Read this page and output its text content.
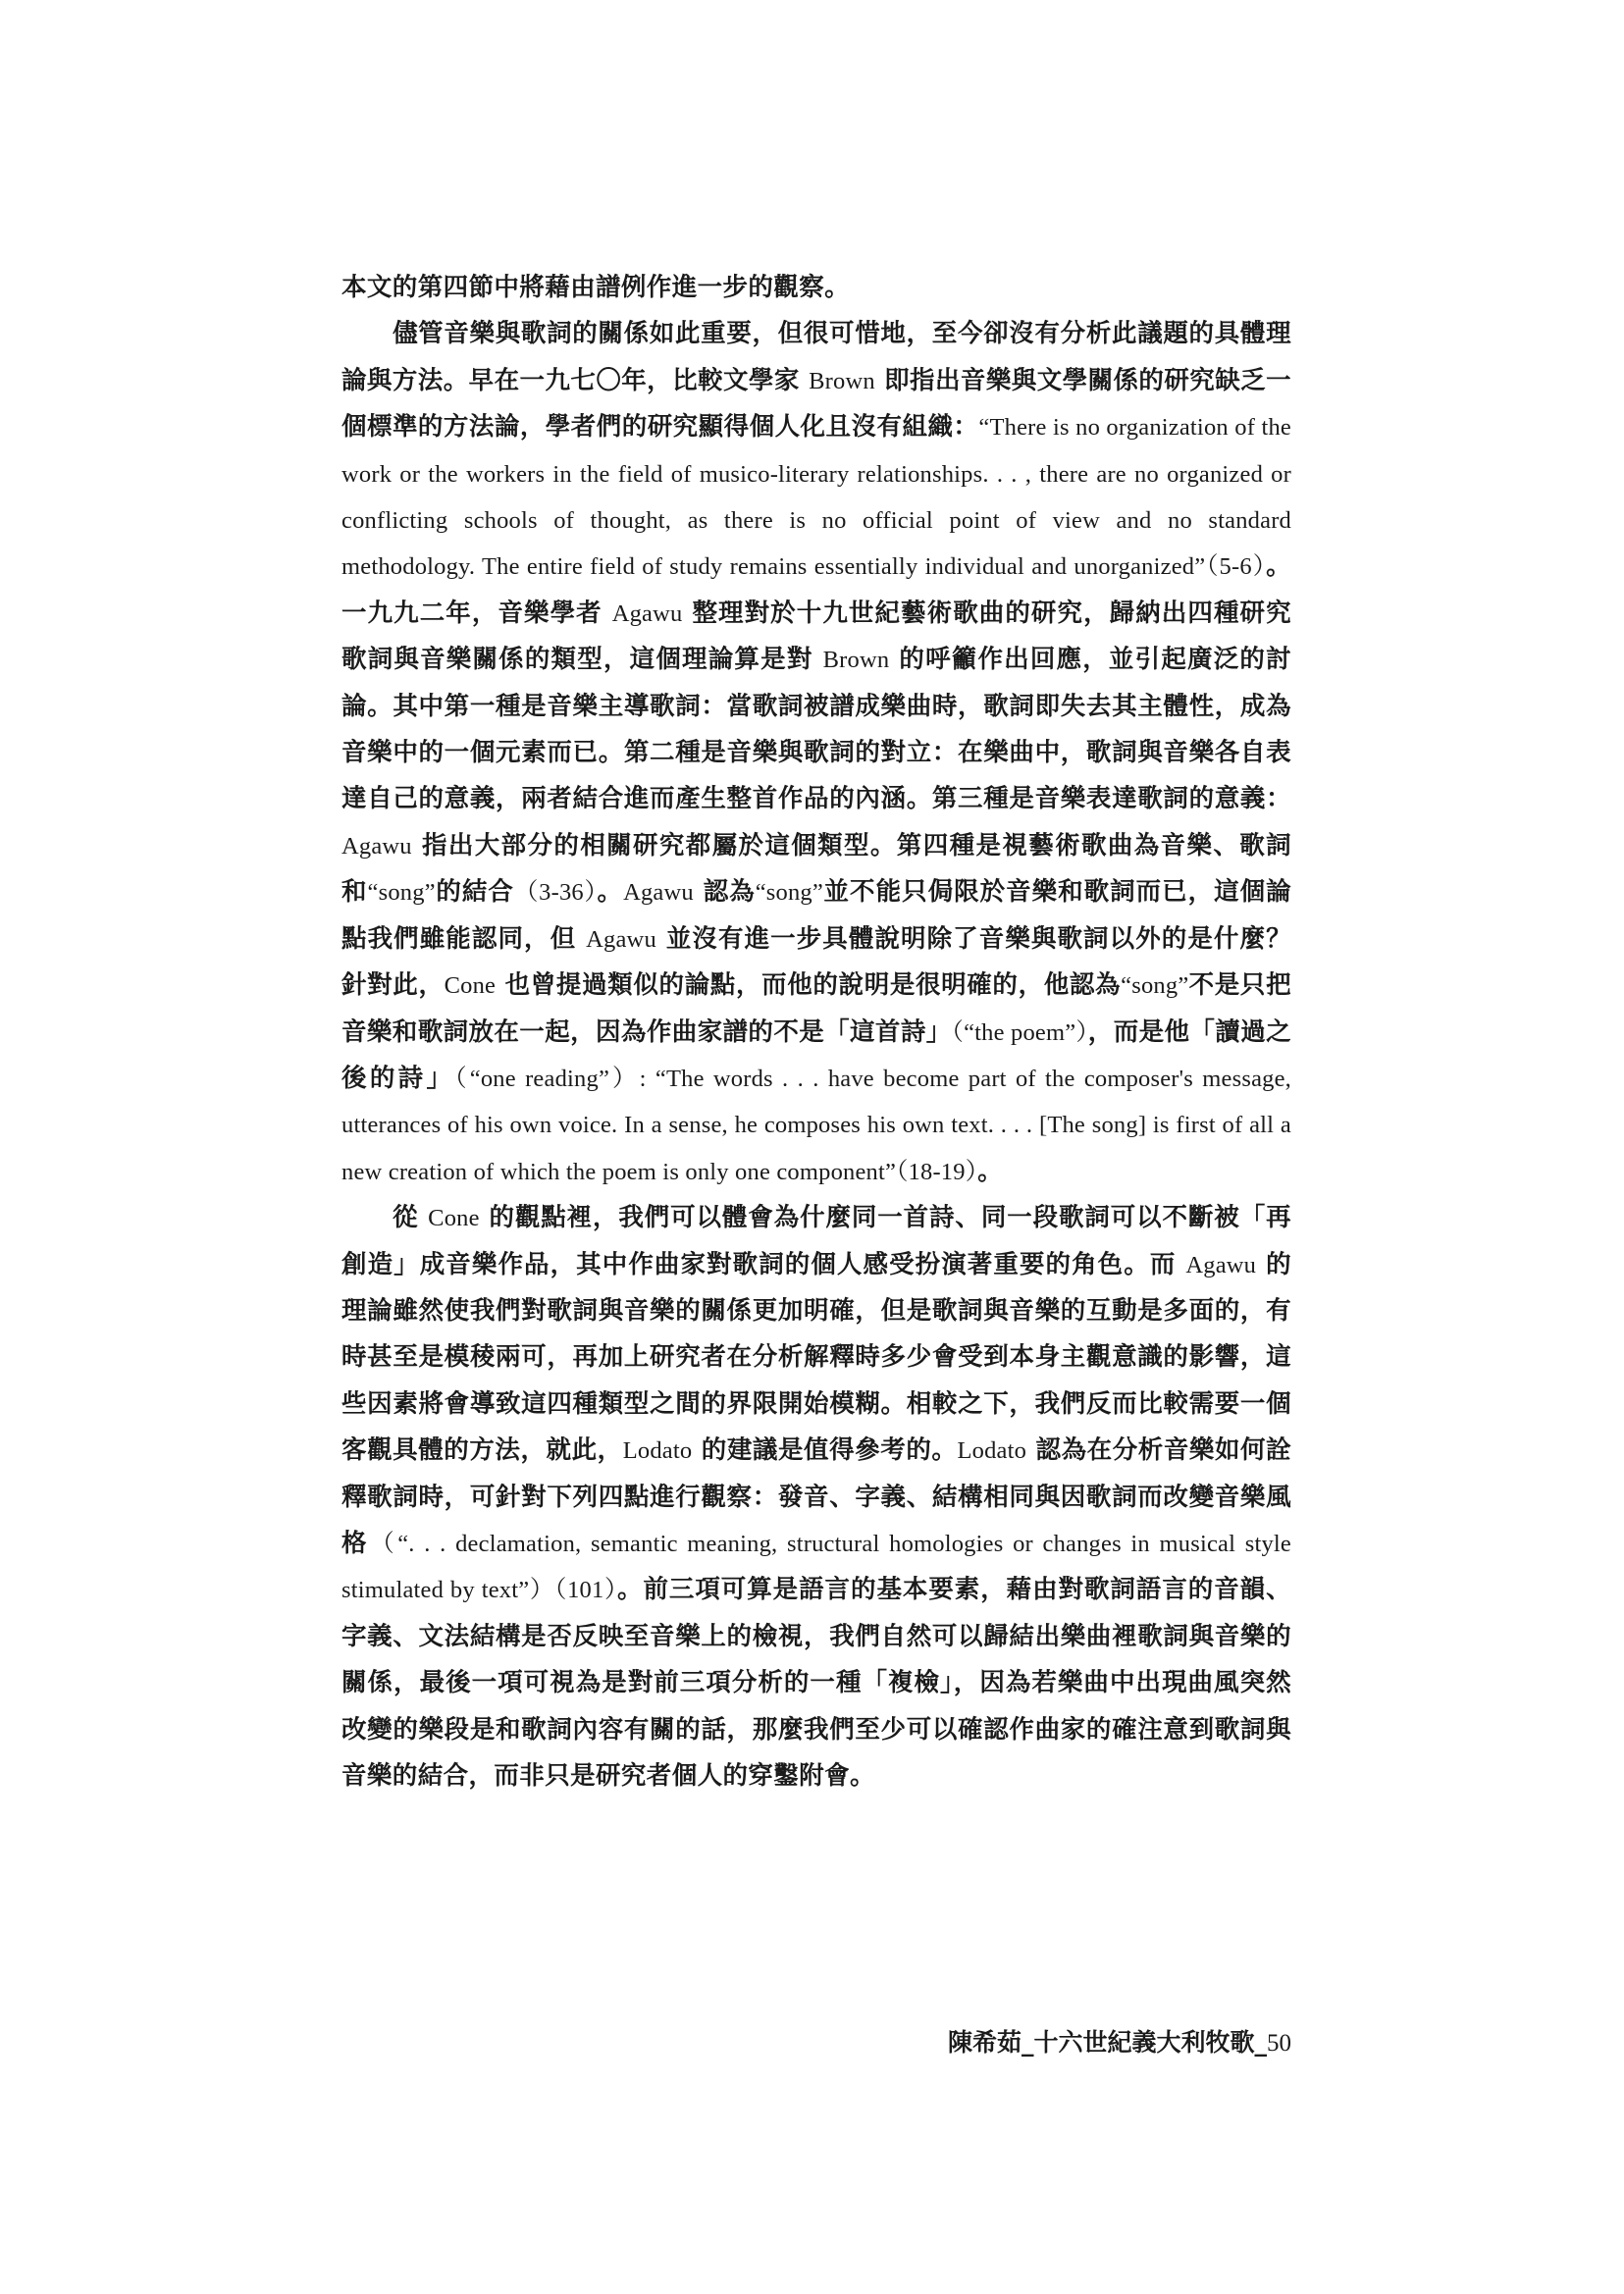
本文的第四節中將藉由譜例作進一步的觀察。

儘管音樂與歌詞的關係如此重要，但很可惜地，至今卻沒有分析此議題的具體理論與方法。早在一九七〇年，比較文學家 Brown 即指出音樂與文學關係的研究缺乏一個標準的方法論，學者們的研究顯得個人化且沒有組織：“There is no organization of the work or the workers in the field of musico-literary relationships. . . , there are no organized or conflicting schools of thought, as there is no official point of view and no standard methodology. The entire field of study remains essentially individual and unorganized”（5-6）。一九九二年，音樂學者 Agawu 整理對於十九世紀藝術歌曲的研究，歸納出四種研究歌詞與音樂關係的類型，這個理論算是對 Brown 的呼籲作出回應，並引起廣泛的討論。其中第一種是音樂主導歌詞：當歌詞被譜成樂曲時，歌詞即失去其主體性，成為音樂中的一個元素而已。第二種是音樂與歌詞的對立：在樂曲中，歌詞與音樂各自表達自己的意義，兩者結合進而產生整首作品的內涵。第三種是音樂表達歌詞的意義：Agawu 指出大部分的相關研究都屬於這個類型。第四種是視藝術歌曲為音樂、歌詞和“song”的結合（3-36）。Agawu 認為“song”並不能只侷限於音樂和歌詞而已，這個論點我們雖能認同，但 Agawu 並沒有進一步具體說明除了音樂與歌詞以外的是什麼？針對此，Cone 也曾提過類似的論點，而他的說明是很明確的，他認為“song”不是只把音樂和歌詞放在一起，因為作曲家譜的不是「這首詩」（“the poem”），而是他「讀過之後的詩」（“one reading”）: “The words . . . have become part of the composer's message, utterances of his own voice. In a sense, he composes his own text. . . . [The song] is first of all a new creation of which the poem is only one component”（18-19）。

從 Cone 的觀點裡，我們可以體會為什麼同一首詩、同一段歌詞可以不斷被「再創造」成音樂作品，其中作曲家對歌詞的個人感受扮演著重要的角色。而 Agawu 的理論雖然使我們對歌詞與音樂的關係更加明確，但是歌詞與音樂的互動是多面的，有時甚至是模稜兩可，再加上研究者在分析解釋時多少會受到本身主觀意識的影響，這些因素將會導致這四種類型之間的界限開始模糊。相較之下，我們反而比較需要一個客觀具體的方法，就此，Lodato 的建議是值得參考的。Lodato 認為在分析音樂如何詮釋歌詞時，可針對下列四點進行觀察：發音、字義、結構相同與因歌詞而改變音樂風格（“. . . declamation, semantic meaning, structural homologies or changes in musical style stimulated by text”）（101）。前三項可算是語言的基本要素，藉由對歌詞語言的音韻、字義、文法結構是否反映至音樂上的檢視，我們自然可以歸結出樂曲裡歌詞與音樂的關係，最後一項可視為是對前三項分析的一種「複檢」，因為若樂曲中出現曲風突然改變的樂段是和歌詞內容有關的話，那麼我們至少可以確認作曲家的確注意到歌詞與音樂的結合，而非只是研究者個人的穿鑿附會。

陳希茹_十六世紀義大利牧歌_50
